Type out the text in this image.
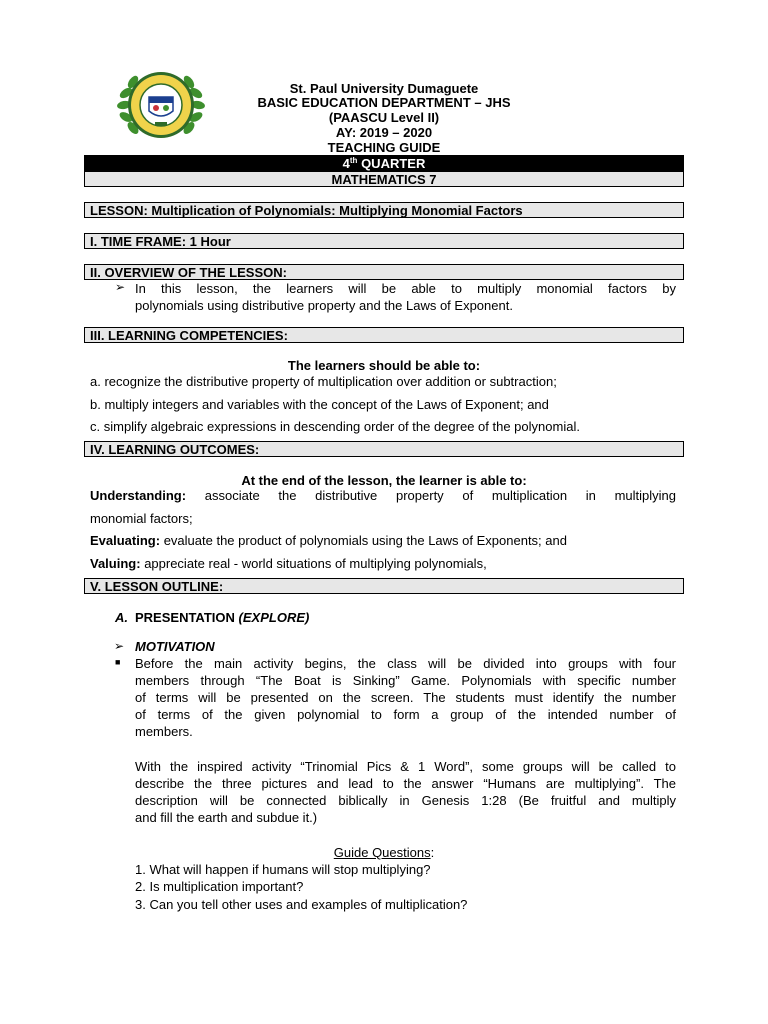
St. Paul University Dumaguete
BASIC EDUCATION DEPARTMENT – JHS
(PAASCU Level II)
AY: 2019 – 2020
TEACHING GUIDE
4th QUARTER
MATHEMATICS 7
LESSON: Multiplication of Polynomials: Multiplying Monomial Factors
I. TIME FRAME: 1 Hour
II. OVERVIEW OF THE LESSON:
➢ In this lesson, the learners will be able to multiply monomial factors by
polynomials using distributive property and the Laws of Exponent.
III. LEARNING COMPETENCIES:
The learners should be able to:
a. recognize the distributive property of multiplication over addition or subtraction;
b. multiply integers and variables with the concept of the Laws of Exponent; and
c. simplify algebraic expressions in descending order of the degree of the polynomial.
IV. LEARNING OUTCOMES:
At the end of the lesson, the learner is able to:
Understanding: associate the distributive property of multiplication in multiplying
monomial factors;
Evaluating: evaluate the product of polynomials using the Laws of Exponents; and
Valuing: appreciate real - world situations of multiplying polynomials,
V. LESSON OUTLINE:
A. PRESENTATION (EXPLORE)
➢ MOTIVATION
■ Before the main activity begins, the class will be divided into groups with four
members through “The Boat is Sinking” Game. Polynomials with specific number
of terms will be presented on the screen. The students must identify the number
of terms of the given polynomial to form a group of the intended number of
members.
With the inspired activity “Trinomial Pics & 1 Word”, some groups will be called to
describe the three pictures and lead to the answer “Humans are multiplying”. The
description will be connected biblically in Genesis 1:28 (Be fruitful and multiply
and fill the earth and subdue it.)
Guide Questions:
1. What will happen if humans will stop multiplying?
2. Is multiplication important?
3. Can you tell other uses and examples of multiplication?
